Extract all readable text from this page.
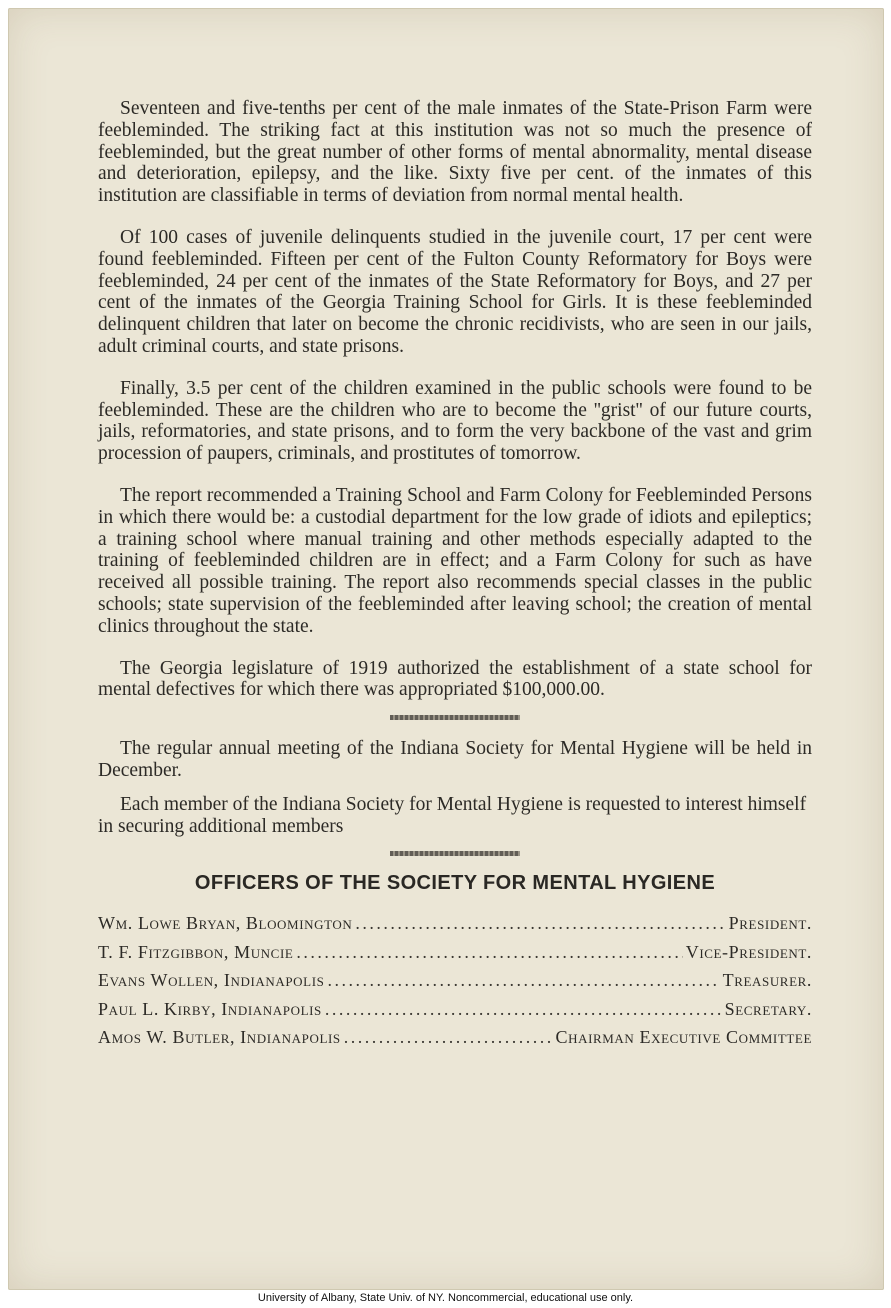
Seventeen and five-tenths per cent of the male inmates of the State-Prison Farm were feebleminded. The striking fact at this institution was not so much the presence of feebleminded, but the great number of other forms of mental abnormality, mental disease and deterioration, epilepsy, and the like. Sixty five per cent. of the inmates of this institution are classifiable in terms of deviation from normal mental health.

Of 100 cases of juvenile delinquents studied in the juvenile court, 17 per cent were found feebleminded. Fifteen per cent of the Fulton County Reformatory for Boys were feebleminded, 24 per cent of the inmates of the State Reformatory for Boys, and 27 per cent of the inmates of the Georgia Training School for Girls. It is these feebleminded delinquent children that later on become the chronic recidivists, who are seen in our jails, adult criminal courts, and state prisons.

Finally, 3.5 per cent of the children examined in the public schools were found to be feebleminded. These are the children who are to become the ''grist'' of our future courts, jails, reformatories, and state prisons, and to form the very backbone of the vast and grim procession of paupers, criminals, and prostitutes of tomorrow.

The report recommended a Training School and Farm Colony for Feebleminded Persons in which there would be: a custodial department for the low grade of idiots and epileptics; a training school where manual training and other methods especially adapted to the training of feebleminded children are in effect; and a Farm Colony for such as have received all possible training. The report also recommends special classes in the public schools; state supervision of the feebleminded after leaving school; the creation of mental clinics throughout the state.

The Georgia legislature of 1919 authorized the establishment of a state school for mental defectives for which there was appropriated $100,000.00.

The regular annual meeting of the Indiana Society for Mental Hygiene will be held in December.

Each member of the Indiana Society for Mental Hygiene is requested to interest himself in securing additional members

OFFICERS OF THE SOCIETY FOR MENTAL HYGIENE
Wm. Lowe Bryan, Bloomington . . .	President.
T. F. Fitzgibbon, Muncie . . .	Vice-President.
Evans Wollen, Indianapolis . . .	Treasurer.
Paul L. Kirby, Indianapolis . . .	Secretary.
Amos W. Butler, Indianapolis . . .	Chairman Executive Committee
University of Albany, State Univ. of NY. Noncommercial, educational use only.
